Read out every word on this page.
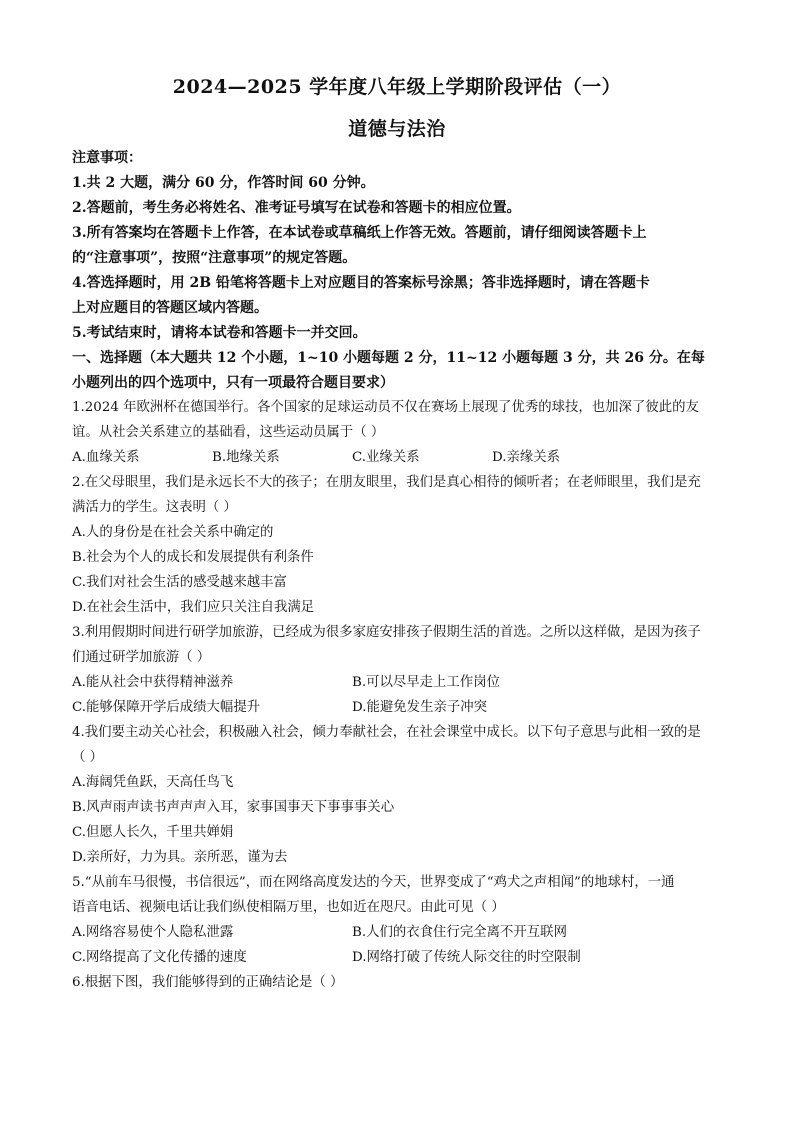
2024—2025 学年度八年级上学期阶段评估（一）
道德与法治
注意事项：
1.共 2 大题，满分 60 分，作答时间 60 分钟。
2.答题前，考生务必将姓名、准考证号填写在试卷和答题卡的相应位置。
3.所有答案均在答题卡上作答，在本试卷或草稿纸上作答无效。答题前，请仔细阅读答题卡上
的“注意事项”，按照“注意事项”的规定答题。
4.答选择题时，用 2B 铅笔将答题卡上对应题目的答案标号涂黑；答非选择题时，请在答题卡
上对应题目的答题区域内答题。
5.考试结束时，请将本试卷和答题卡一并交回。
一、选择题（本大题共 12 个小题，1~10 小题每题 2 分，11~12 小题每题 3 分，共 26 分。在每
小题列出的四个选项中，只有一项最符合题目要求）
1.2024 年欧洲杯在德国举行。各个国家的足球运动员不仅在赛场上展现了优秀的球技，也加深了彼此的友
谊。从社会关系建立的基础看，这些运动员属于（ ）
A.血缘关系	B.地缘关系	C.业缘关系	D.亲缘关系
2.在父母眼里，我们是永远长不大的孩子；在朋友眼里，我们是真心相待的倾听者；在老师眼里，我们是充
满活力的学生。这表明（ ）
A.人的身份是在社会关系中确定的
B.社会为个人的成长和发展提供有利条件
C.我们对社会生活的感受越来越丰富
D.在社会生活中，我们应只关注自我满足
3.利用假期时间进行研学加旅游，已经成为很多家庭安排孩子假期生活的首选。之所以这样做，是因为孩子
们通过研学加旅游（ ）
A.能从社会中获得精神滋养	B.可以尽早走上工作岗位
C.能够保障开学后成绩大幅提升	D.能避免发生亲子冲突
4.我们要主动关心社会，积极融入社会，倾力奉献社会，在社会课堂中成长。以下句子意思与此相一致的是
（ ）
A.海阔凭鱼跃，天高任鸟飞
B.风声雨声读书声声声入耳，家事国事天下事事事关心
C.但愿人长久，千里共婵娟
D.亲所好，力为具。亲所恶，谨为去
5.“从前车马很慢，书信很远”，而在网络高度发达的今天，世界变成了“鸡犬之声相闻”的地球村，一通
语音电话、视频电话让我们纵使相隔万里，也如近在咫尺。由此可见（ ）
A.网络容易使个人隐私泄露	B.人们的衣食住行完全离不开互联网
C.网络提高了文化传播的速度	D.网络打破了传统人际交往的时空限制
6.根据下图，我们能够得到的正确结论是（ ）
